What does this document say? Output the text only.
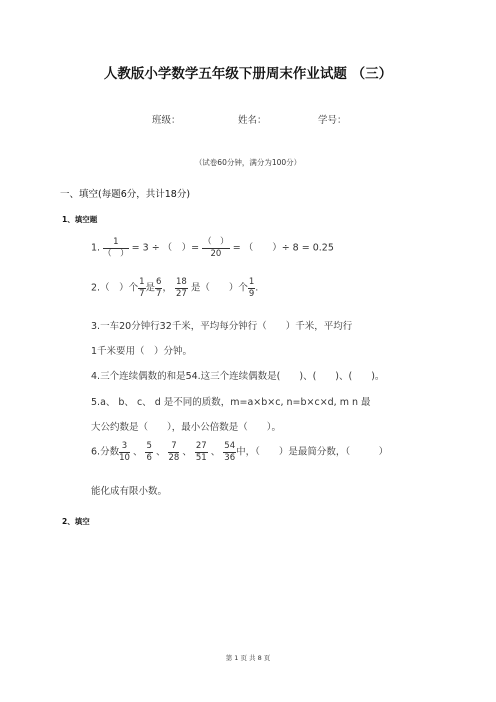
人教版小学数学五年级下册周末作业试题 （三）
班级：	姓名：	学号：
（试卷60分钟，满分为100分）
一、填空(每题6分，共计18分)
1、填空题
1. $\frac{1}{( )} = 3$ ÷ （　）= $\frac{( )}{20}$ = （　　）÷ 8 = 0.25
2.（　）个 $\frac{1}{7}$ 是 $\frac{6}{7}$ ， $\frac{18}{27}$ 是（　　）个 $\frac{1}{9}$ .
3.一车20分钟行32千米，平均每分钟行（　　）千米，平均行
1千米要用（　）分钟。
4.三个连续偶数的和是54.这三个连续偶数是(　　)、(　　)、(　　)。
5.a、 b、 c、 d 是不同的质数，m=a×b×c, n=b×c×d, m n 最
大公约数是（　　），最小公倍数是（　　）。
6.分数 $\frac{3}{10}$ 、 $\frac{5}{6}$ 、 $\frac{7}{28}$ 、 $\frac{27}{51}$ 、 $\frac{54}{36}$ 中，（　　）是最简分数，（　　　）
能化成有限小数。
2、填空
第 1 页 共 8 页
